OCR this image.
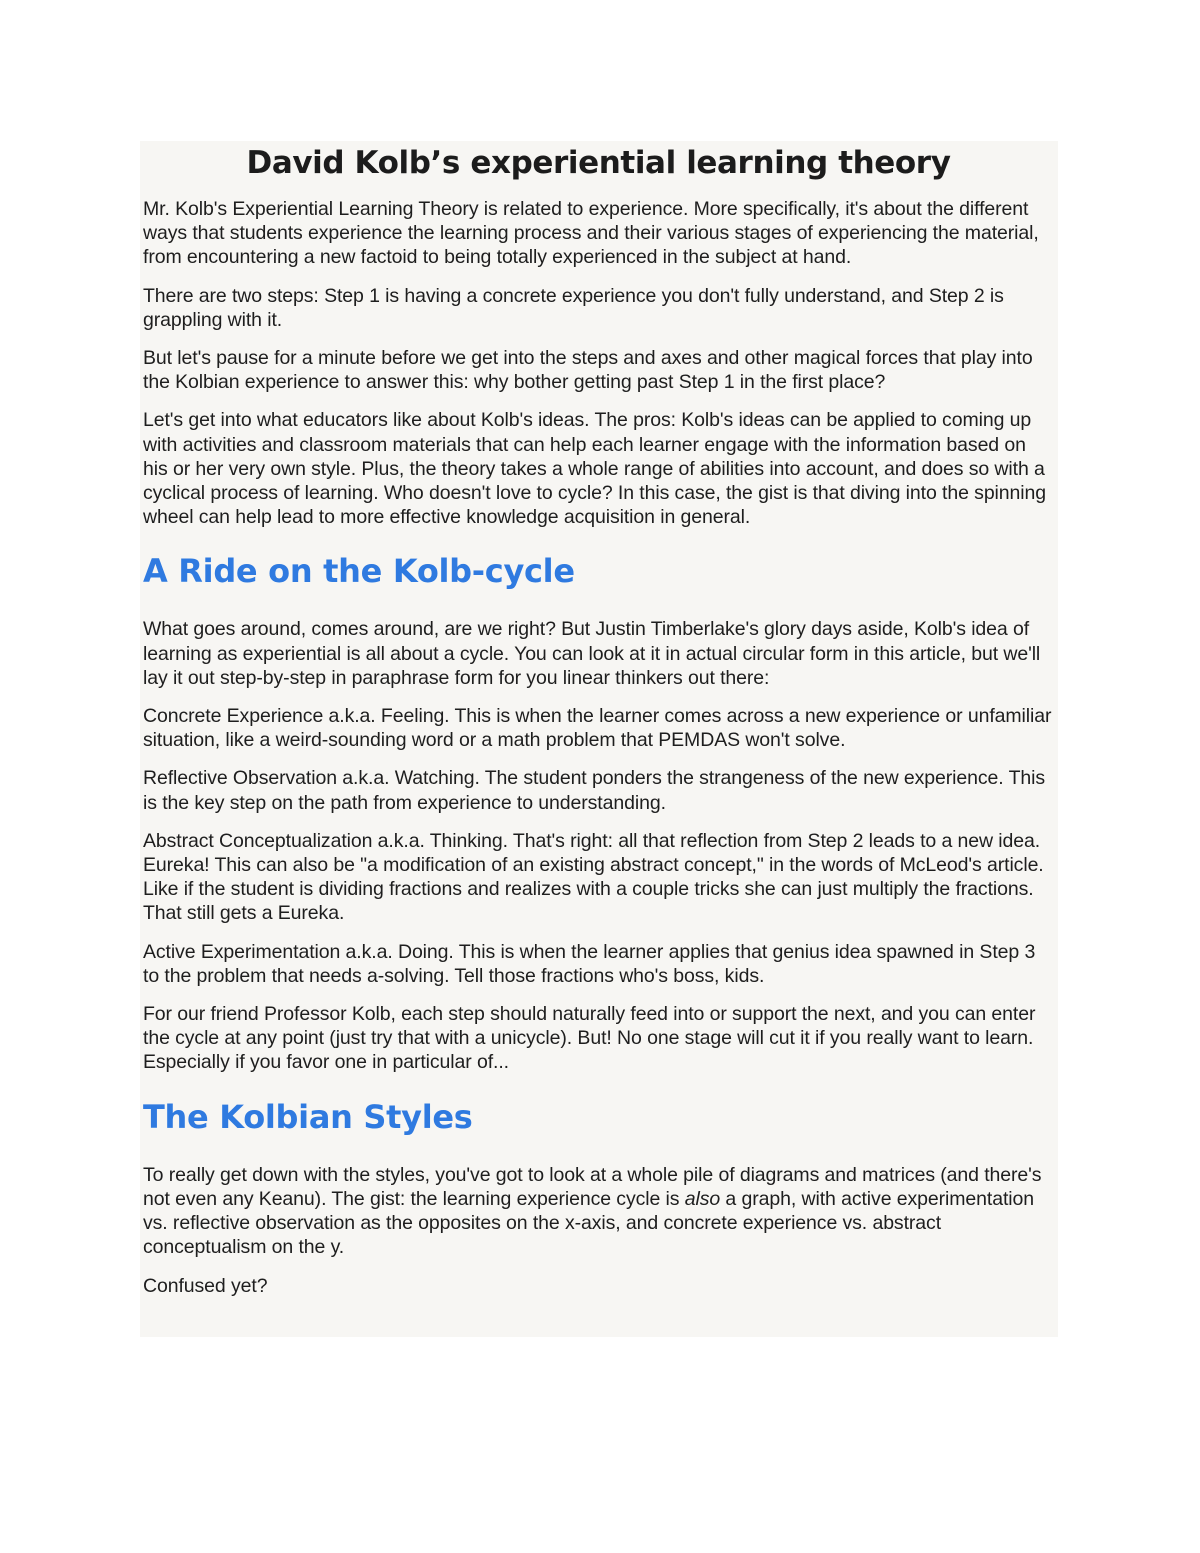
David Kolb’s experiential learning theory

Mr. Kolb's Experiential Learning Theory is related to experience. More specifically, it's about the different ways that students experience the learning process and their various stages of experiencing the material, from encountering a new factoid to being totally experienced in the subject at hand.

There are two steps: Step 1 is having a concrete experience you don't fully understand, and Step 2 is grappling with it.

But let's pause for a minute before we get into the steps and axes and other magical forces that play into the Kolbian experience to answer this: why bother getting past Step 1 in the first place?

Let's get into what educators like about Kolb's ideas. The pros: Kolb's ideas can be applied to coming up with activities and classroom materials that can help each learner engage with the information based on his or her very own style. Plus, the theory takes a whole range of abilities into account, and does so with a cyclical process of learning. Who doesn't love to cycle? In this case, the gist is that diving into the spinning wheel can help lead to more effective knowledge acquisition in general.

A Ride on the Kolb-cycle

What goes around, comes around, are we right? But Justin Timberlake's glory days aside, Kolb's idea of learning as experiential is all about a cycle. You can look at it in actual circular form in this article, but we'll lay it out step-by-step in paraphrase form for you linear thinkers out there:

Concrete Experience a.k.a. Feeling. This is when the learner comes across a new experience or unfamiliar situation, like a weird-sounding word or a math problem that PEMDAS won't solve.

Reflective Observation a.k.a. Watching. The student ponders the strangeness of the new experience. This is the key step on the path from experience to understanding.

Abstract Conceptualization a.k.a. Thinking. That's right: all that reflection from Step 2 leads to a new idea. Eureka! This can also be "a modification of an existing abstract concept," in the words of McLeod's article. Like if the student is dividing fractions and realizes with a couple tricks she can just multiply the fractions. That still gets a Eureka.

Active Experimentation a.k.a. Doing. This is when the learner applies that genius idea spawned in Step 3 to the problem that needs a-solving. Tell those fractions who's boss, kids.

For our friend Professor Kolb, each step should naturally feed into or support the next, and you can enter the cycle at any point (just try that with a unicycle). But! No one stage will cut it if you really want to learn. Especially if you favor one in particular of...

The Kolbian Styles

To really get down with the styles, you've got to look at a whole pile of diagrams and matrices (and there's not even any Keanu). The gist: the learning experience cycle is also a graph, with active experimentation vs. reflective observation as the opposites on the x-axis, and concrete experience vs. abstract conceptualism on the y.

Confused yet?
